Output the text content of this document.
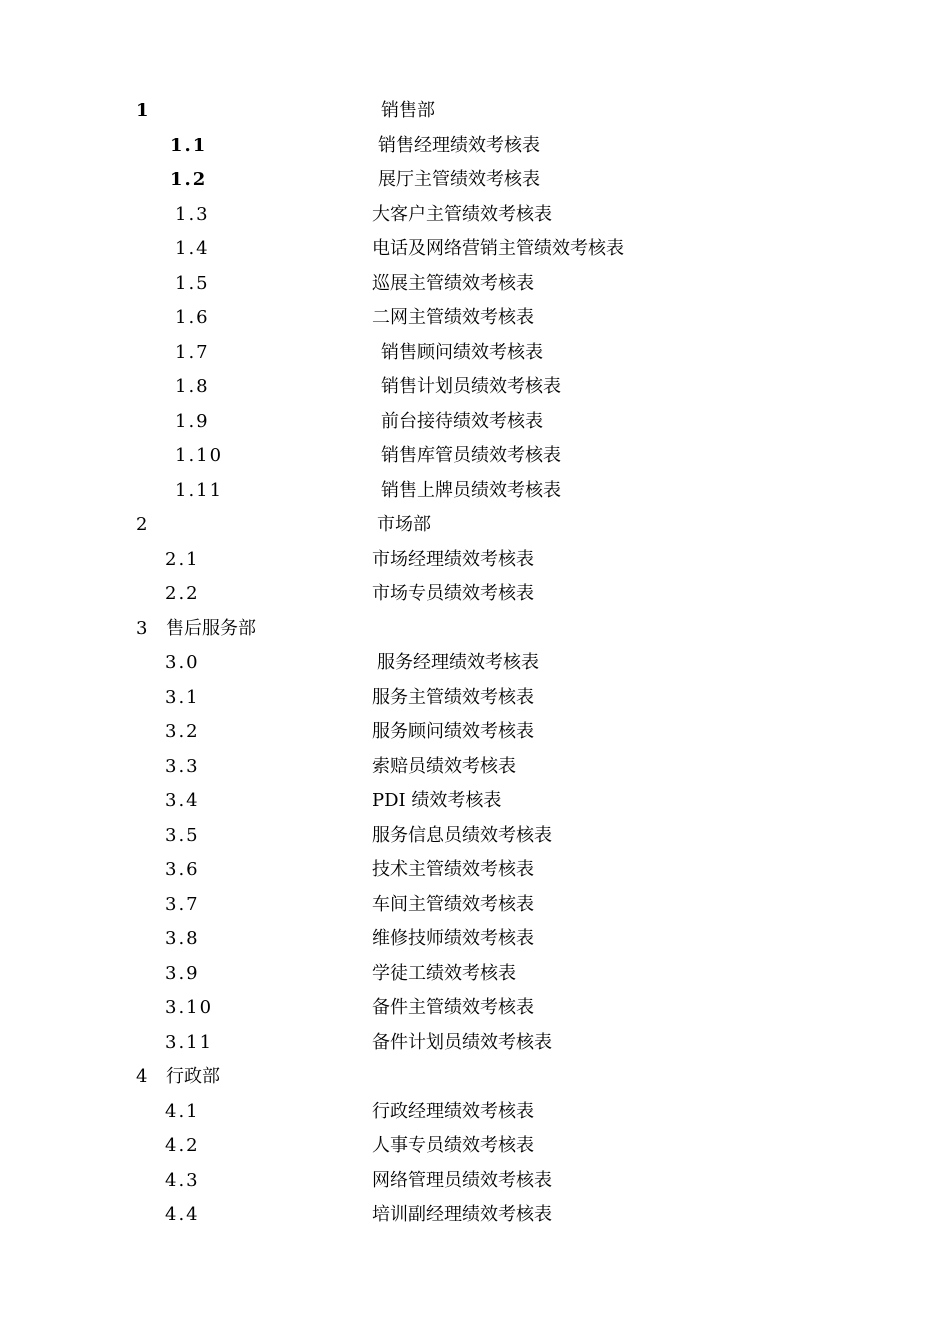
1	销售部
1.1	销售经理绩效考核表
1.2	展厅主管绩效考核表
1.3	大客户主管绩效考核表
1.4	电话及网络营销主管绩效考核表
1.5	巡展主管绩效考核表
1.6	二网主管绩效考核表
1.7	销售顾问绩效考核表
1.8	销售计划员绩效考核表
1.9	前台接待绩效考核表
1.10	销售库管员绩效考核表
1.11	销售上牌员绩效考核表
2	市场部
2.1	市场经理绩效考核表
2.2	市场专员绩效考核表
3 售后服务部
3.0	服务经理绩效考核表
3.1	服务主管绩效考核表
3.2	服务顾问绩效考核表
3.3	索赔员绩效考核表
3.4	PDI 绩效考核表
3.5	服务信息员绩效考核表
3.6	技术主管绩效考核表
3.7	车间主管绩效考核表
3.8	维修技师绩效考核表
3.9	学徒工绩效考核表
3.10	备件主管绩效考核表
3.11	备件计划员绩效考核表
4 行政部
4.1	行政经理绩效考核表
4.2	人事专员绩效考核表
4.3	网络管理员绩效考核表
4.4	培训副经理绩效考核表
